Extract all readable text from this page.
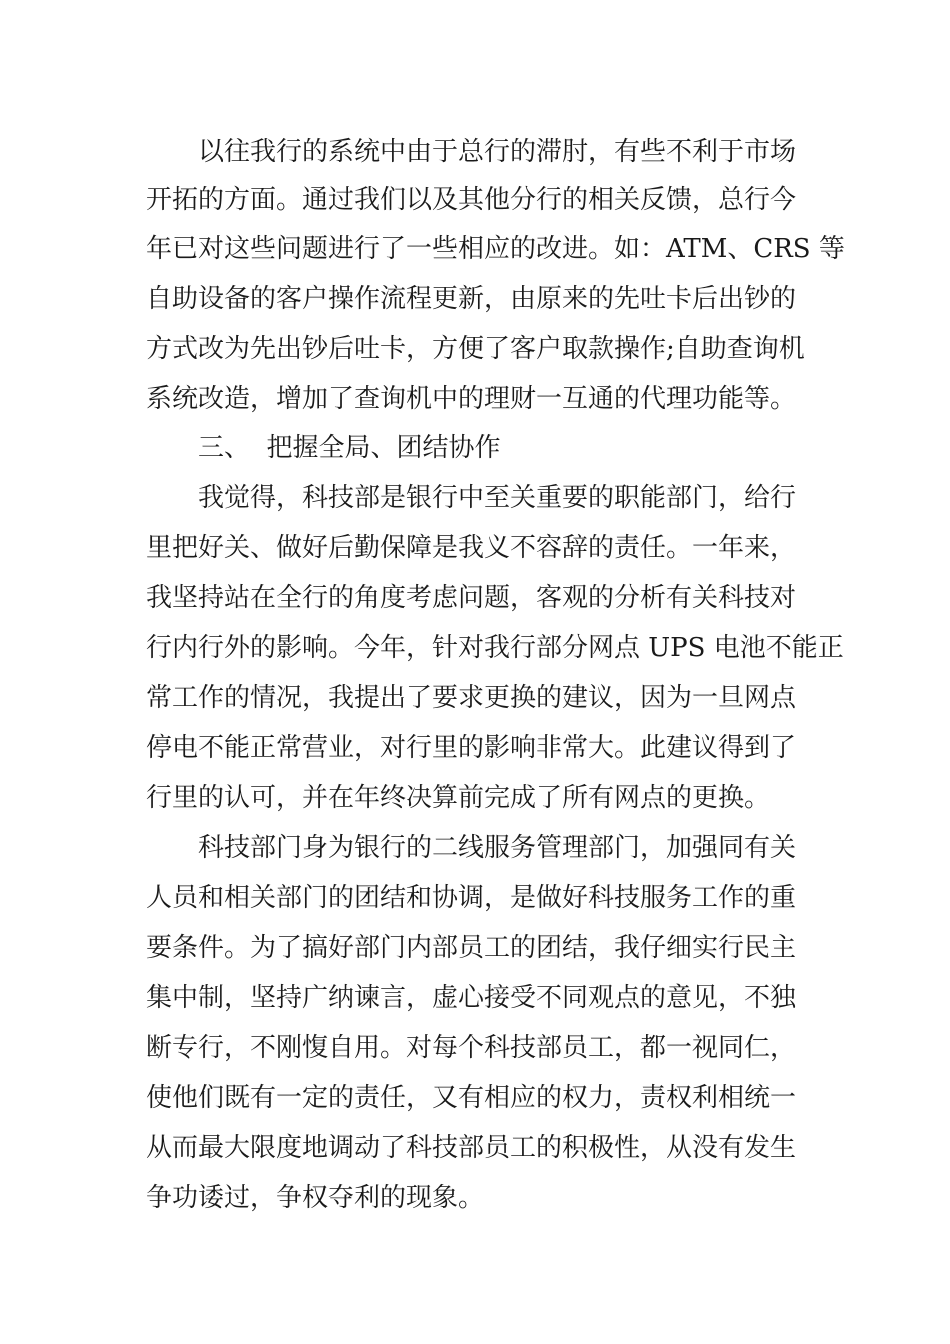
以往我行的系统中由于总行的滞肘，有些不利于市场
开拓的方面。通过我们以及其他分行的相关反馈，总行今
年已对这些问题进行了一些相应的改进。如：ATM、CRS 等
自助设备的客户操作流程更新，由原来的先吐卡后出钞的
方式改为先出钞后吐卡，方便了客户取款操作;自助查询机
系统改造，增加了查询机中的理财一互通的代理功能等。
三、  把握全局、团结协作
我觉得，科技部是银行中至关重要的职能部门，给行
里把好关、做好后勤保障是我义不容辞的责任。一年来，
我坚持站在全行的角度考虑问题，客观的分析有关科技对
行内行外的影响。今年，针对我行部分网点 UPS 电池不能正
常工作的情况，我提出了要求更换的建议，因为一旦网点
停电不能正常营业，对行里的影响非常大。此建议得到了
行里的认可，并在年终决算前完成了所有网点的更换。
科技部门身为银行的二线服务管理部门，加强同有关
人员和相关部门的团结和协调，是做好科技服务工作的重
要条件。为了搞好部门内部员工的团结，我仔细实行民主
集中制，坚持广纳谏言，虚心接受不同观点的意见，不独
断专行，不刚愎自用。对每个科技部员工，都一视同仁，
使他们既有一定的责任，又有相应的权力，责权利相统一
从而最大限度地调动了科技部员工的积极性，从没有发生
争功诿过，争权夺利的现象。
